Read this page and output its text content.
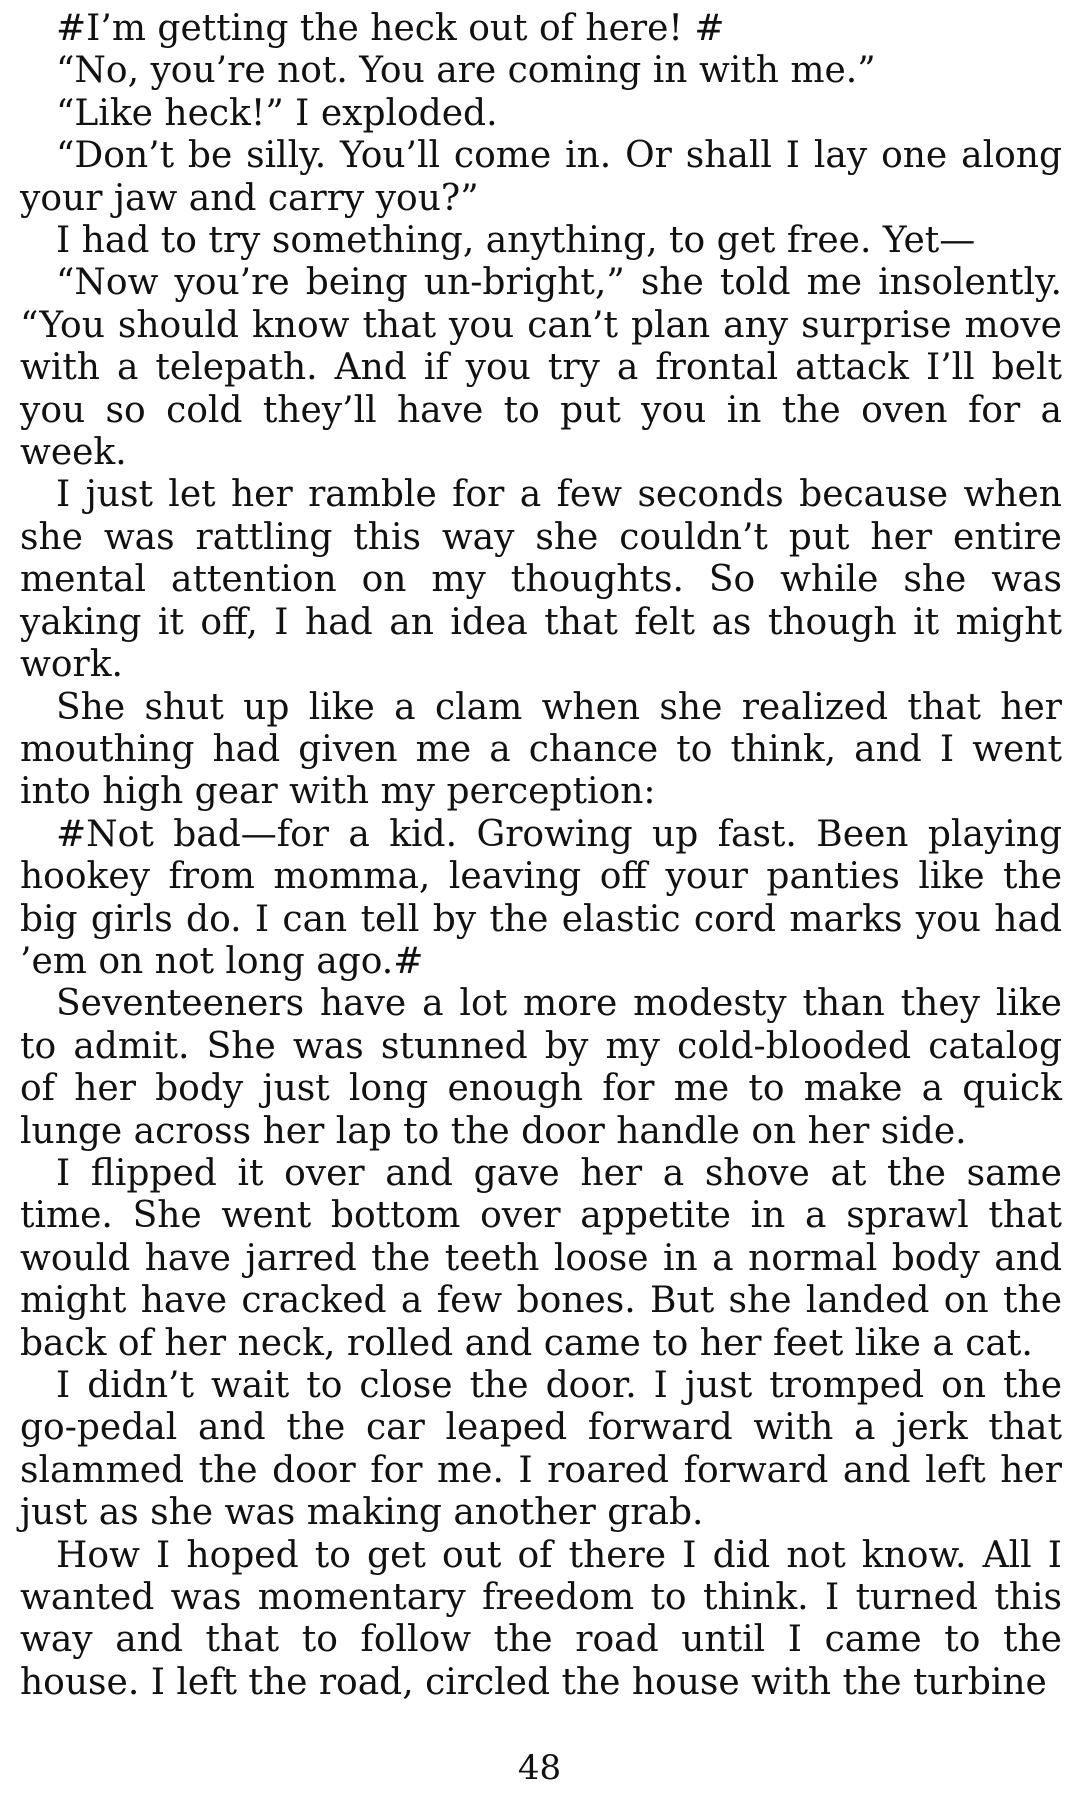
#I’m getting the heck out of here! #

“No, you’re not. You are coming in with me.”

“Like heck!” I exploded.

“Don’t be silly. You’ll come in. Or shall I lay one along your jaw and carry you?”

I had to try something, anything, to get free. Yet—

“Now you’re being un-bright,” she told me insolently. “You should know that you can’t plan any surprise move with a telepath. And if you try a frontal attack I’ll belt you so cold they’ll have to put you in the oven for a week.

I just let her ramble for a few seconds because when she was rattling this way she couldn’t put her entire mental attention on my thoughts. So while she was yaking it off, I had an idea that felt as though it might work.

She shut up like a clam when she realized that her mouthing had given me a chance to think, and I went into high gear with my perception:

#Not bad—for a kid. Growing up fast. Been playing hookey from momma, leaving off your panties like the big girls do. I can tell by the elastic cord marks you had ’em on not long ago.#

Seventeeners have a lot more modesty than they like to admit. She was stunned by my cold-blooded catalog of her body just long enough for me to make a quick lunge across her lap to the door handle on her side.

I flipped it over and gave her a shove at the same time. She went bottom over appetite in a sprawl that would have jarred the teeth loose in a normal body and might have cracked a few bones. But she landed on the back of her neck, rolled and came to her feet like a cat.

I didn’t wait to close the door. I just tromped on the go-pedal and the car leaped forward with a jerk that slammed the door for me. I roared forward and left her just as she was making another grab.

How I hoped to get out of there I did not know. All I wanted was momentary freedom to think. I turned this way and that to follow the road until I came to the house. I left the road, circled the house with the turbine

48
